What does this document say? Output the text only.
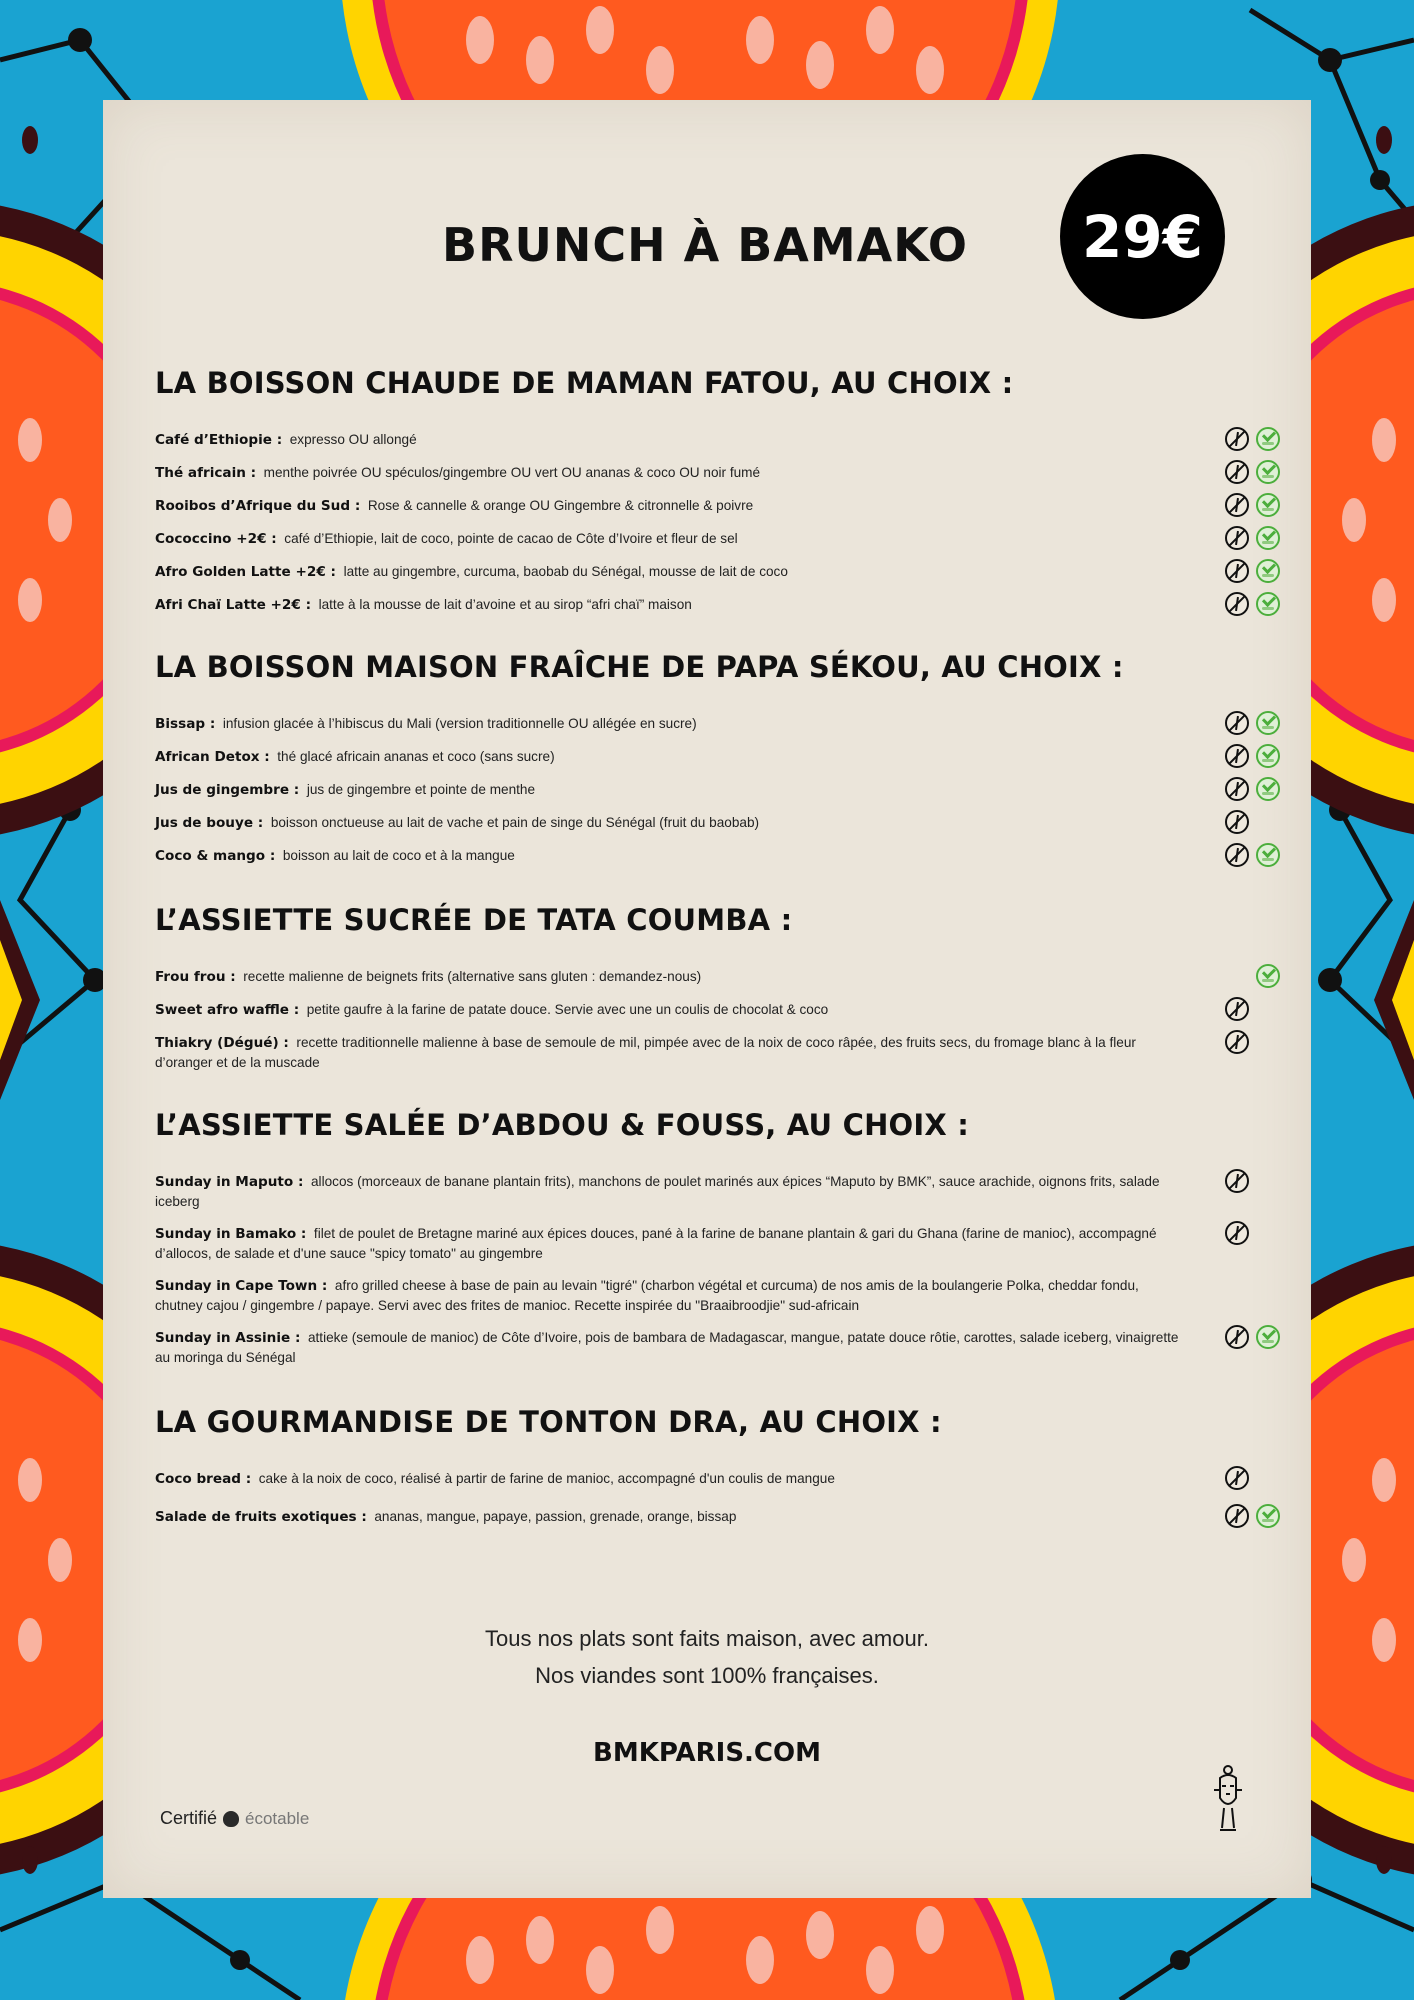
BRUNCH À BAMAKO	29€
LA BOISSON CHAUDE DE MAMAN FATOU, AU CHOIX :
Café d’Ethiopie : expresso OU allongé
Thé africain : menthe poivrée OU spéculos/gingembre OU vert OU ananas & coco OU noir fumé
Rooibos d’Afrique du Sud : Rose & cannelle & orange OU Gingembre & citronnelle & poivre
Cococcino +2€ : café d’Ethiopie, lait de coco, pointe de cacao de Côte d’Ivoire et fleur de sel
Afro Golden Latte +2€ : latte au gingembre, curcuma, baobab du Sénégal, mousse de lait de coco
Afri Chaï Latte +2€ : latte à la mousse de lait d’avoine et au sirop “afri chaï” maison
LA BOISSON MAISON FRAÎCHE DE PAPA SÉKOU, AU CHOIX :
Bissap : infusion glacée à l’hibiscus du Mali (version traditionnelle OU allégée en sucre)
African Detox : thé glacé africain ananas et coco (sans sucre)
Jus de gingembre : jus de gingembre et pointe de menthe
Jus de bouye : boisson onctueuse au lait de vache et pain de singe du Sénégal (fruit du baobab)
Coco & mango : boisson au lait de coco et à la mangue
L’ASSIETTE SUCRÉE DE TATA COUMBA :
Frou frou : recette malienne de beignets frits (alternative sans gluten : demandez-nous)
Sweet afro waffle : petite gaufre à la farine de patate douce. Servie avec une un coulis de chocolat & coco
Thiakry (Dégué) : recette traditionnelle malienne à base de semoule de mil, pimpée avec de la noix de coco râpée, des fruits secs, du fromage blanc à la fleur d’oranger et de la muscade
L’ASSIETTE SALÉE D’ABDOU & FOUSS, AU CHOIX :
Sunday in Maputo : allocos (morceaux de banane plantain frits), manchons de poulet marinés aux épices “Maputo by BMK”, sauce arachide, oignons frits, salade iceberg
Sunday in Bamako : filet de poulet de Bretagne mariné aux épices douces, pané à la farine de banane plantain & gari du Ghana (farine de manioc), accompagné d’allocos, de salade et d'une sauce "spicy tomato" au gingembre
Sunday in Cape Town : afro grilled cheese à base de pain au levain "tigré" (charbon végétal et curcuma) de nos amis de la boulangerie Polka, cheddar fondu, chutney cajou / gingembre / papaye. Servi avec des frites de manioc. Recette inspirée du "Braaibroodjie" sud-africain
Sunday in Assinie : attieke (semoule de manioc) de Côte d’Ivoire, pois de bambara de Madagascar, mangue, patate douce rôtie, carottes, salade iceberg, vinaigrette au moringa du Sénégal
LA GOURMANDISE DE TONTON DRA, AU CHOIX :
Coco bread : cake à la noix de coco, réalisé à partir de farine de manioc, accompagné d'un coulis de mangue
Salade de fruits exotiques : ananas, mangue, papaye, passion, grenade, orange, bissap
Tous nos plats sont faits maison, avec amour.
Nos viandes sont 100% françaises.
BMKPARIS.COM
Certifié écotable
